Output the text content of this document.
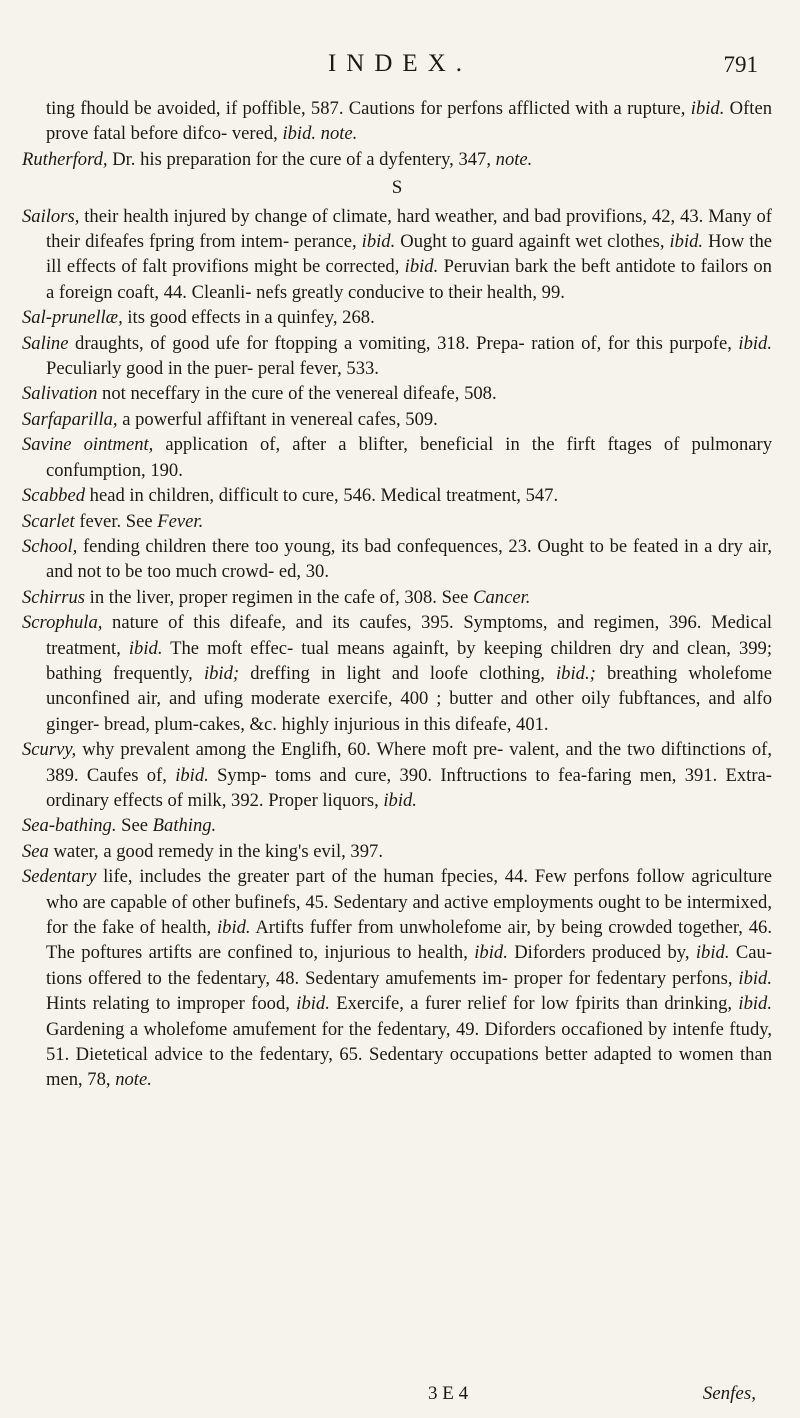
INDEX.	791

ting fhould be avoided, if poffible, 587. Cautions for perfons afflicted with a rupture, ibid. Often prove fatal before difco- vered, ibid. note.

Rutherford, Dr. his preparation for the cure of a dyfentery, 347, note.

S

Sailors, their health injured by change of climate, hard weather, and bad provifions, 42, 43. Many of their difeafes fpring from intem- perance, ibid. Ought to guard againft wet clothes, ibid. How the ill effects of falt provifions might be corrected, ibid. Peruvian bark the beft antidote to failors on a foreign coaft, 44. Cleanli- nefs greatly conducive to their health, 99.

Sal-prunellæ, its good effects in a quinfey, 268.

Saline draughts, of good ufe for ftopping a vomiting, 318. Prepa- ration of, for this purpofe, ibid. Peculiarly good in the puer- peral fever, 533.

Salivation not neceffary in the cure of the venereal difeafe, 508.

Sarfaparilla, a powerful affiftant in venereal cafes, 509.

Savine ointment, application of, after a blifter, beneficial in the firft ftages of pulmonary confumption, 190.

Scabbed head in children, difficult to cure, 546. Medical treatment, 547.

Scarlet fever. See Fever.

School, fending children there too young, its bad confequences, 23. Ought to be feated in a dry air, and not to be too much crowd- ed, 30.

Schirrus in the liver, proper regimen in the cafe of, 308. See Cancer.

Scrophula, nature of this difeafe, and its caufes, 395. Symptoms, and regimen, 396. Medical treatment, ibid. The moft effec- tual means againft, by keeping children dry and clean, 399; bathing frequently, ibid; dreffing in light and loofe clothing, ibid.; breathing wholefome unconfined air, and ufing moderate exercife, 400 ; butter and other oily fubftances, and alfo ginger- bread, plum-cakes, &c. highly injurious in this difeafe, 401.

Scurvy, why prevalent among the Englifh, 60. Where moft pre- valent, and the two diftinctions of, 389. Caufes of, ibid. Symp- toms and cure, 390. Inftructions to fea-faring men, 391. Extra- ordinary effects of milk, 392. Proper liquors, ibid.

Sea-bathing. See Bathing.

Sea water, a good remedy in the king's evil, 397.

Sedentary life, includes the greater part of the human fpecies, 44. Few perfons follow agriculture who are capable of other bufinefs, 45. Sedentary and active employments ought to be intermixed, for the fake of health, ibid. Artifts fuffer from unwholefome air, by being crowded together, 46. The poftures artifts are confined to, injurious to health, ibid. Diforders produced by, ibid. Cau- tions offered to the fedentary, 48. Sedentary amufements im- proper for fedentary perfons, ibid. Hints relating to improper food, ibid. Exercife, a furer relief for low fpirits than drinking, ibid. Gardening a wholefome amufement for the fedentary, 49. Diforders occafioned by intenfe ftudy, 51. Dietetical advice to the fedentary, 65. Sedentary occupations better adapted to women than men, 78, note.

3 E 4	Senfes,
